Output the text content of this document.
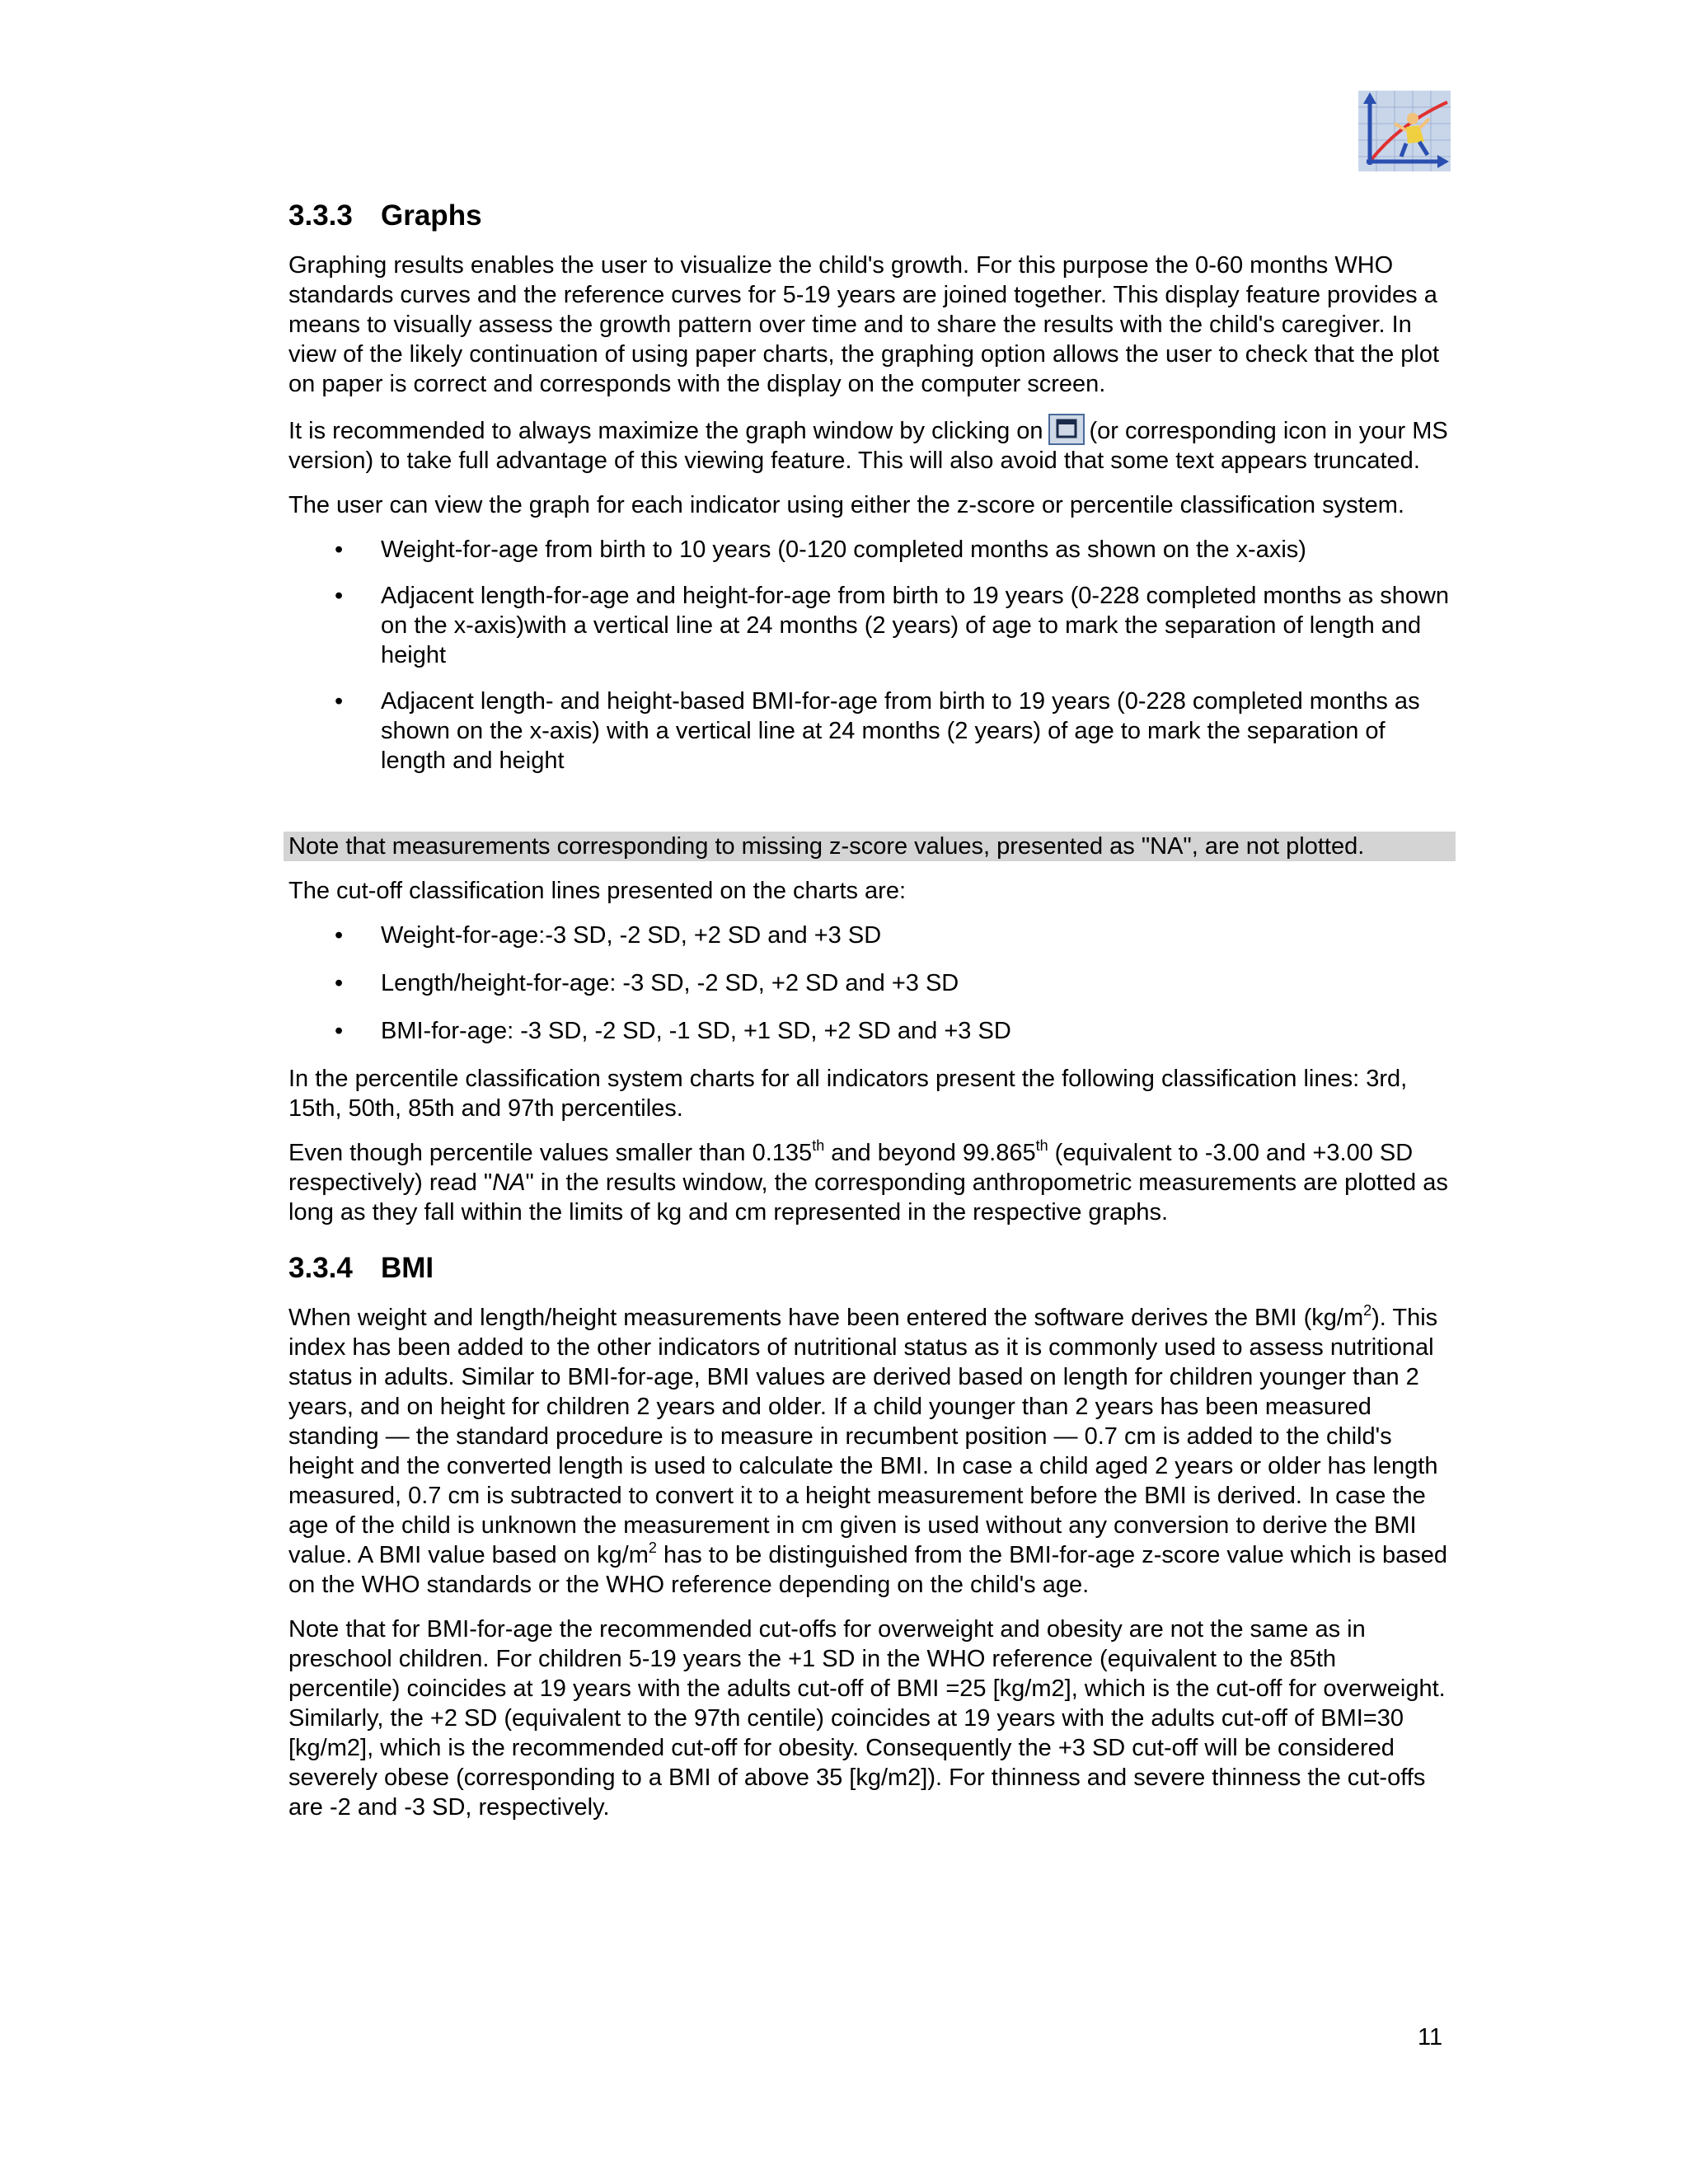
3.3.3 Graphs

Graphing results enables the user to visualize the child's growth. For this purpose the 0-60 months WHO standards curves and the reference curves for 5-19 years are joined together. This display feature provides a means to visually assess the growth pattern over time and to share the results with the child's caregiver. In view of the likely continuation of using paper charts, the graphing option allows the user to check that the plot on paper is correct and corresponds with the display on the computer screen.

It is recommended to always maximize the graph window by clicking on (or corresponding icon in your MS version) to take full advantage of this viewing feature. This will also avoid that some text appears truncated.

The user can view the graph for each indicator using either the z-score or percentile classification system.

• Weight-for-age from birth to 10 years (0-120 completed months as shown on the x-axis)
• Adjacent length-for-age and height-for-age from birth to 19 years (0-228 completed months as shown on the x-axis)with a vertical line at 24 months (2 years) of age to mark the separation of length and height
• Adjacent length- and height-based BMI-for-age from birth to 19 years (0-228 completed months as shown on the x-axis) with a vertical line at 24 months (2 years) of age to mark the separation of length and height
Note that measurements corresponding to missing z-score values, presented as "NA", are not plotted.

The cut-off classification lines presented on the charts are:

• Weight-for-age:-3 SD, -2 SD, +2 SD and +3 SD
• Length/height-for-age: -3 SD, -2 SD, +2 SD and +3 SD
• BMI-for-age: -3 SD, -2 SD, -1 SD, +1 SD, +2 SD and +3 SD

In the percentile classification system charts for all indicators present the following classification lines: 3rd, 15th, 50th, 85th and 97th percentiles.

Even though percentile values smaller than 0.135th and beyond 99.865th (equivalent to -3.00 and +3.00 SD respectively) read "NA" in the results window, the corresponding anthropometric measurements are plotted as long as they fall within the limits of kg and cm represented in the respective graphs.

3.3.4 BMI

When weight and length/height measurements have been entered the software derives the BMI $(kg/m^2)$. This index has been added to the other indicators of nutritional status as it is commonly used to assess nutritional status in adults. Similar to BMI-for-age, BMI values are derived based on length for children younger than 2 years, and on height for children 2 years and older. If a child younger than 2 years has been measured standing — the standard procedure is to measure in recumbent position — 0.7 cm is added to the child's height and the converted length is used to calculate the BMI. In case a child aged 2 years or older has length measured, 0.7 cm is subtracted to convert it to a height measurement before the BMI is derived. In case the age of the child is unknown the measurement in cm given is used without any conversion to derive the BMI value. A BMI value based on $kg/m^2$ has to be distinguished from the BMI-for-age z-score value which is based on the WHO standards or the WHO reference depending on the child's age.

Note that for BMI-for-age the recommended cut-offs for overweight and obesity are not the same as in preschool children. For children 5-19 years the +1 SD in the WHO reference (equivalent to the 85th percentile) coincides at 19 years with the adults cut-off of BMI =25 [kg/m2], which is the cut-off for overweight. Similarly, the +2 SD (equivalent to the 97th centile) coincides at 19 years with the adults cut-off of BMI=30 [kg/m2], which is the recommended cut-off for obesity. Consequently the +3 SD cut-off will be considered severely obese (corresponding to a BMI of above 35 [kg/m2]). For thinness and severe thinness the cut-offs are -2 and -3 SD, respectively.

11
